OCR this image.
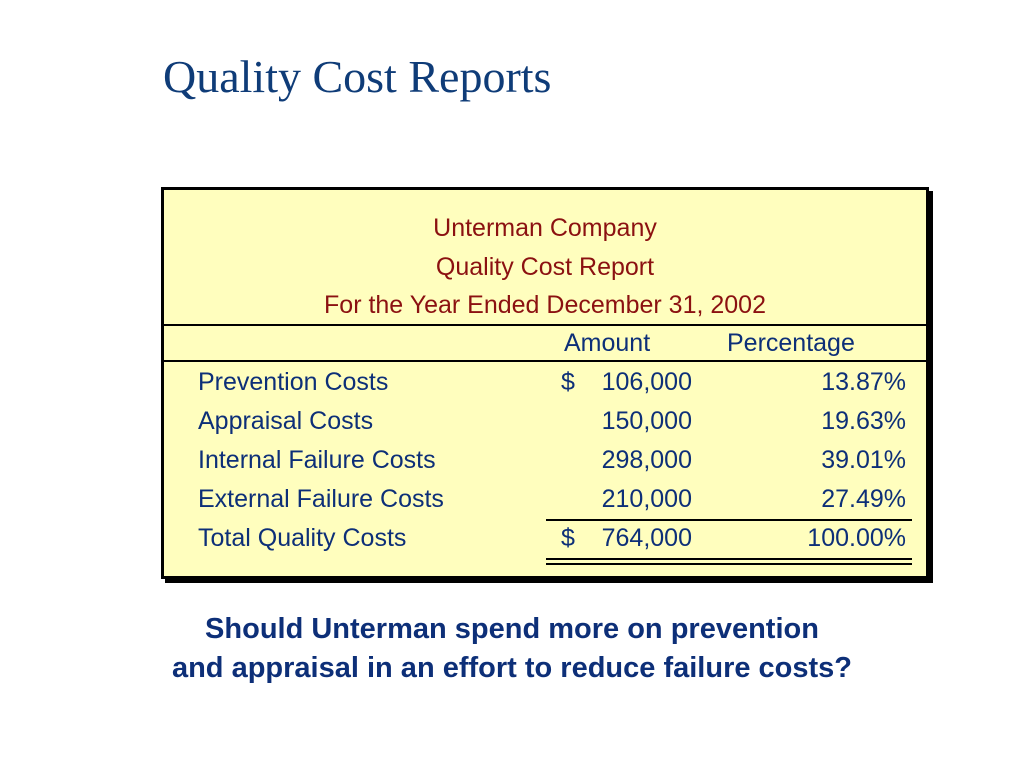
Quality Cost Reports
Unterman Company
Quality Cost Report
For the Year Ended December 31, 2002
Amount	Percentage
Prevention Costs	$ 106,000	13.87%
Appraisal Costs	150,000	19.63%
Internal Failure Costs	298,000	39.01%
External Failure Costs	210,000	27.49%
Total Quality Costs	$ 764,000	100.00%
Should Unterman spend more on prevention
and appraisal in an effort to reduce failure costs?
